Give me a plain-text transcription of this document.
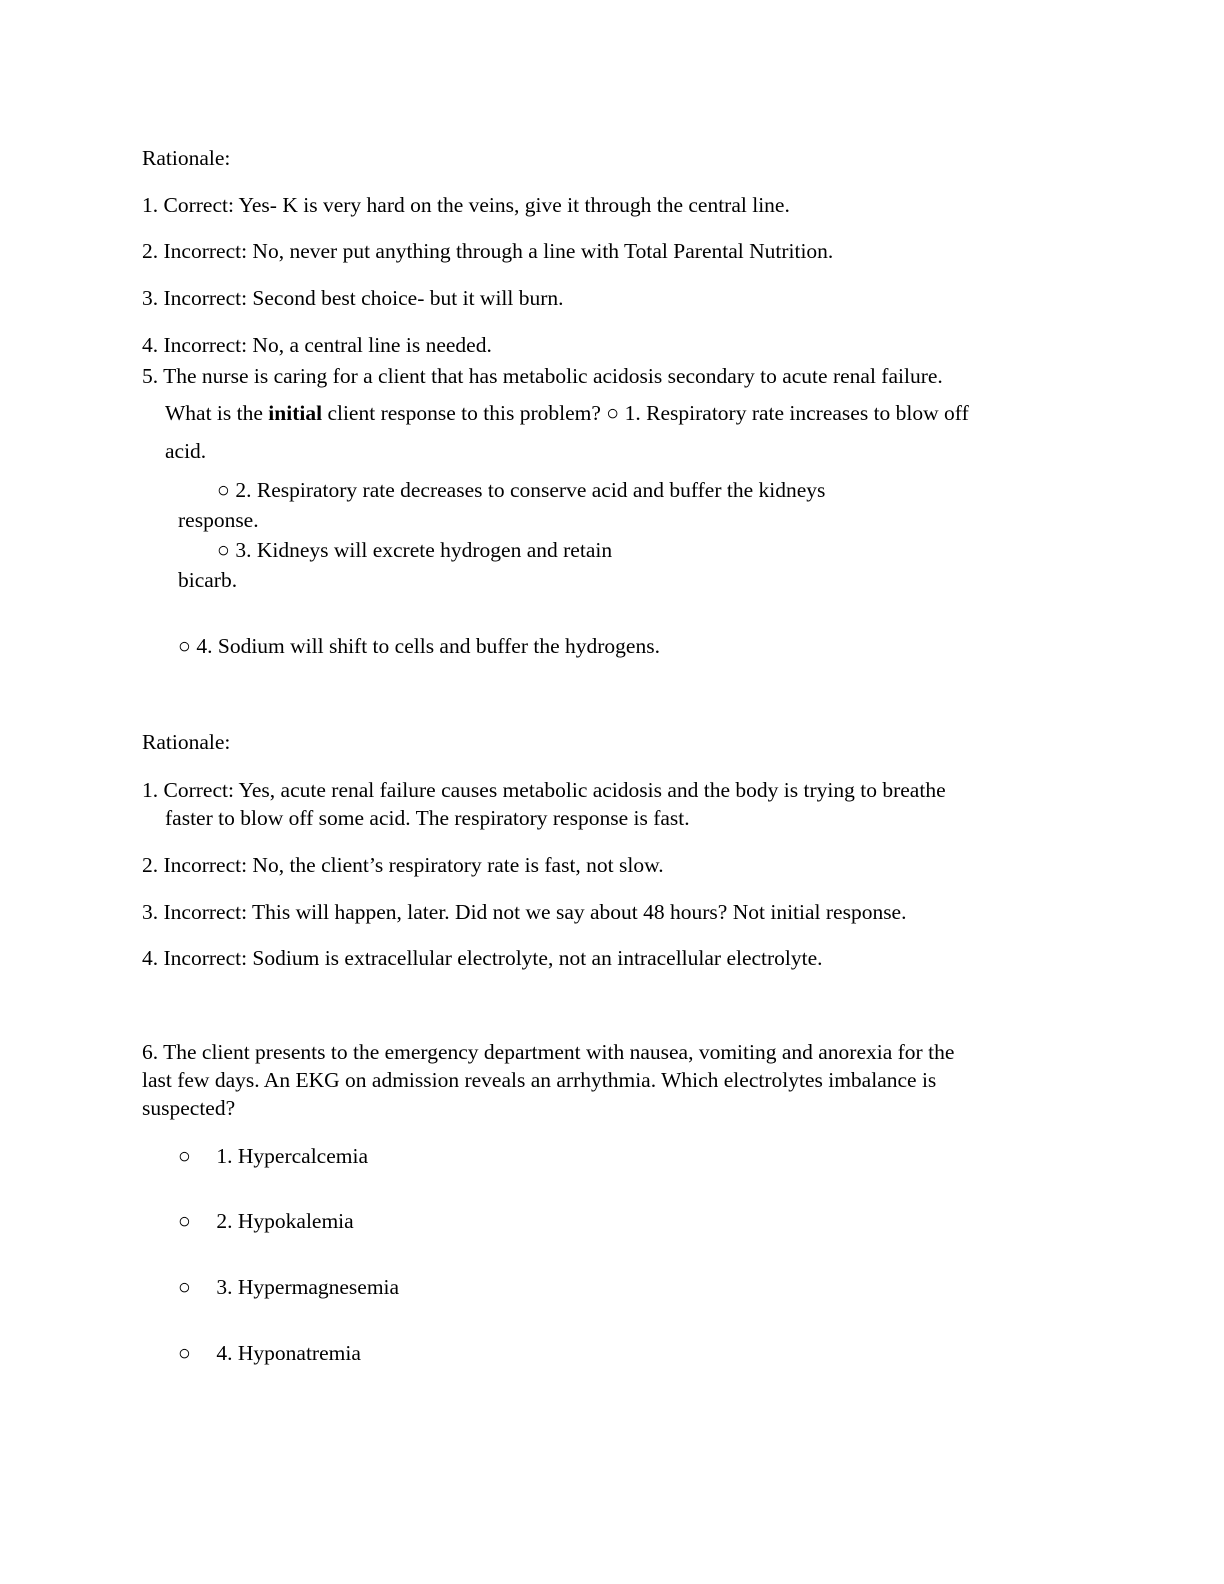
Rationale:
1. Correct: Yes- K is very hard on the veins, give it through the central line.
2. Incorrect: No, never put anything through a line with Total Parental Nutrition.
3. Incorrect: Second best choice- but it will burn.
4. Incorrect: No, a central line is needed.
5. The nurse is caring for a client that has metabolic acidosis secondary to acute renal failure.
What is the initial client response to this problem? ○ 1. Respiratory rate increases to blow off
acid.
○ 2. Respiratory rate decreases to conserve acid and buffer the kidneys
response.
○ 3. Kidneys will excrete hydrogen and retain
bicarb.
○ 4. Sodium will shift to cells and buffer the hydrogens.
Rationale:
1. Correct: Yes, acute renal failure causes metabolic acidosis and the body is trying to breathe
faster to blow off some acid. The respiratory response is fast.
2. Incorrect: No, the client’s respiratory rate is fast, not slow.
3. Incorrect: This will happen, later. Did not we say about 48 hours? Not initial response.
4. Incorrect: Sodium is extracellular electrolyte, not an intracellular electrolyte.
6. The client presents to the emergency department with nausea, vomiting and anorexia for the
last few days. An EKG on admission reveals an arrhythmia. Which electrolytes imbalance is
suspected?
○ 1. Hypercalcemia
○ 2. Hypokalemia
○ 3. Hypermagnesemia
○ 4. Hyponatremia
